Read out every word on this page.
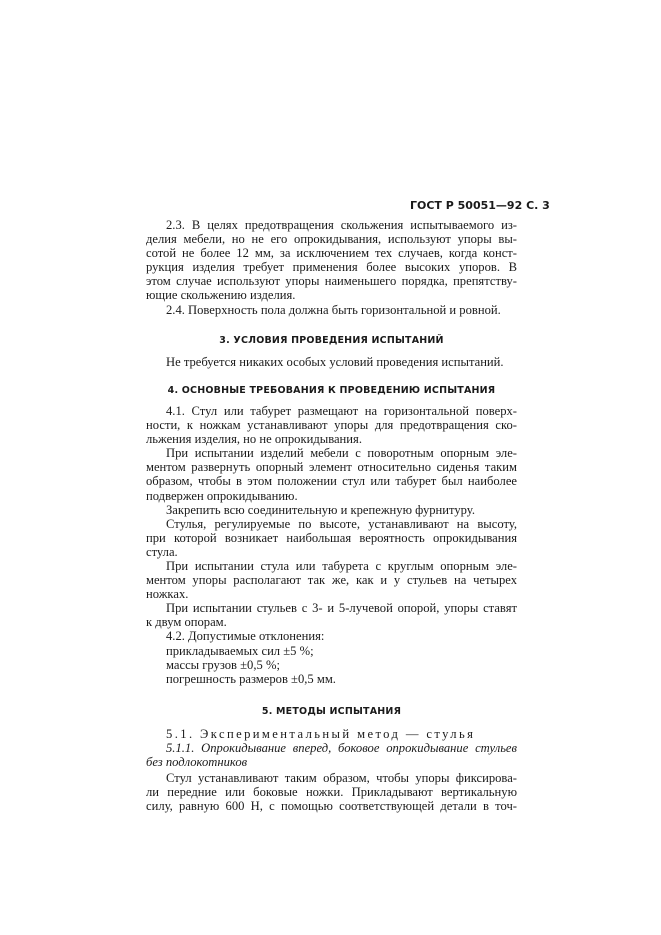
ГОСТ Р 50051—92 С. 3

2.3. В целях предотвращения скольжения испытываемого из-
делия мебели, но не его опрокидывания, используют упоры вы-
сотой не более 12 мм, за исключением тех случаев, когда конст-
рукция изделия требует применения более высоких упоров. В
этом случае используют упоры наименьшего порядка, препятству-
ющие скольжению изделия.

2.4. Поверхность пола должна быть горизонтальной и ровной.

3. УСЛОВИЯ ПРОВЕДЕНИЯ ИСПЫТАНИЙ

Не требуется никаких особых условий проведения испытаний.

4. ОСНОВНЫЕ ТРЕБОВАНИЯ К ПРОВЕДЕНИЮ ИСПЫТАНИЯ
4.1. Стул или табурет размещают на горизонтальной поверх-
ности, к ножкам устанавливают упоры для предотвращения ско-
льжения изделия, но не опрокидывания.
При испытании изделий мебели с поворотным опорным эле-
ментом развернуть опорный элемент относительно сиденья таким
образом, чтобы в этом положении стул или табурет был наиболее
подвержен опрокидыванию.

Закрепить всю соединительную и крепежную фурнитуру.

Стулья, регулируемые по высоте, устанавливают на высоту,
при которой возникает наибольшая вероятность опрокидывания
стула.
При испытании стула или табурета с круглым опорным эле-
ментом упоры располагают так же, как и у стульев на четырех
ножках.
При испытании стульев с 3- и 5-лучевой опорой, упоры ставят
к двум опорам.

4.2. Допустимые отклонения:

прикладываемых сил ±5 %;

массы грузов ±0,5 %;

погрешность размеров ±0,5 мм.

5. МЕТОДЫ ИСПЫТАНИЯ

5.1. Экспериментальный метод — стулья

5.1.1. Опрокидывание вперед, боковое опрокидывание стульев
без подлокотников
Стул устанавливают таким образом, чтобы упоры фиксирова-
ли передние или боковые ножки. Прикладывают вертикальную
силу, равную 600 Н, с помощью соответствующей детали в точ-
